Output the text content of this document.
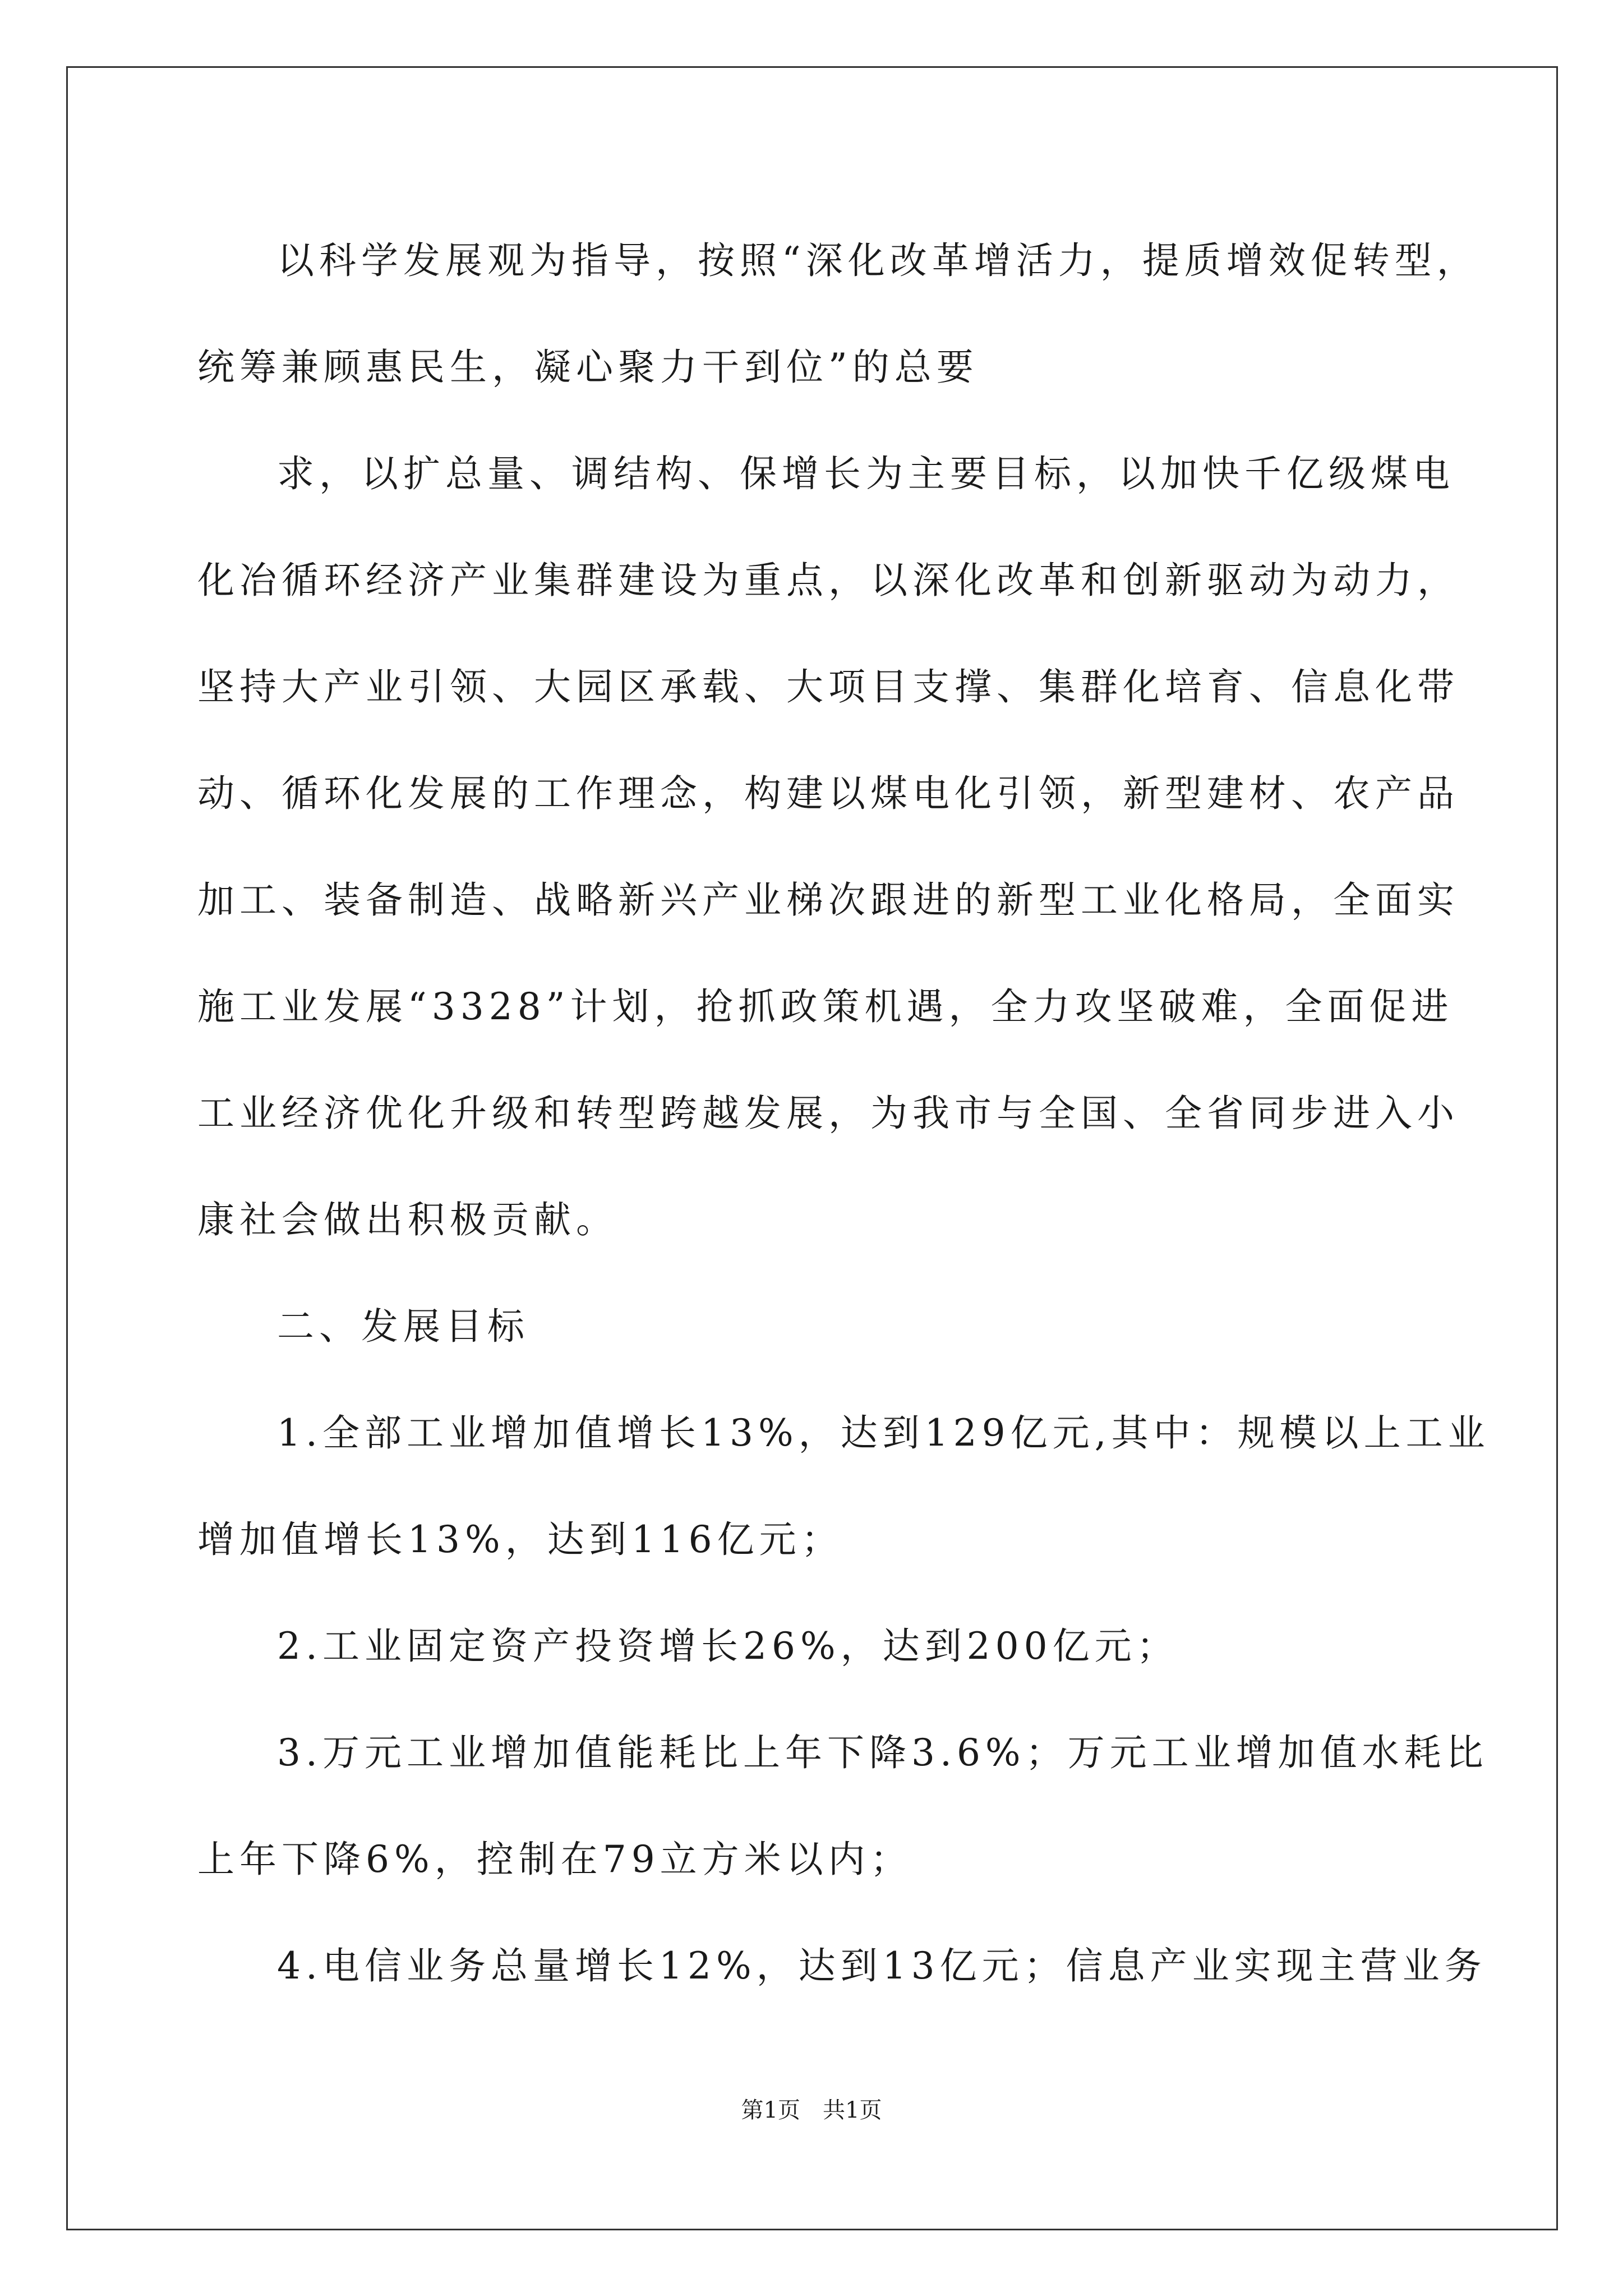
以科学发展观为指导，按照“深化改革增活力，提质增效促转型，
统筹兼顾惠民生，凝心聚力干到位”的总要
求，以扩总量、调结构、保增长为主要目标，以加快千亿级煤电
化冶循环经济产业集群建设为重点，以深化改革和创新驱动为动力，
坚持大产业引领、大园区承载、大项目支撑、集群化培育、信息化带
动、循环化发展的工作理念，构建以煤电化引领，新型建材、农产品
加工、装备制造、战略新兴产业梯次跟进的新型工业化格局，全面实
施工业发展“3328”计划，抢抓政策机遇，全力攻坚破难，全面促进
工业经济优化升级和转型跨越发展，为我市与全国、全省同步进入小
康社会做出积极贡献。
二、发展目标
1.全部工业增加值增长13%，达到129亿元,其中：规模以上工业
增加值增长13%，达到116亿元；
2.工业固定资产投资增长26%，达到200亿元；
3.万元工业增加值能耗比上年下降3.6%；万元工业增加值水耗比
上年下降6%，控制在79立方米以内；
4.电信业务总量增长12%，达到13亿元；信息产业实现主营业务

第1页　共1页
